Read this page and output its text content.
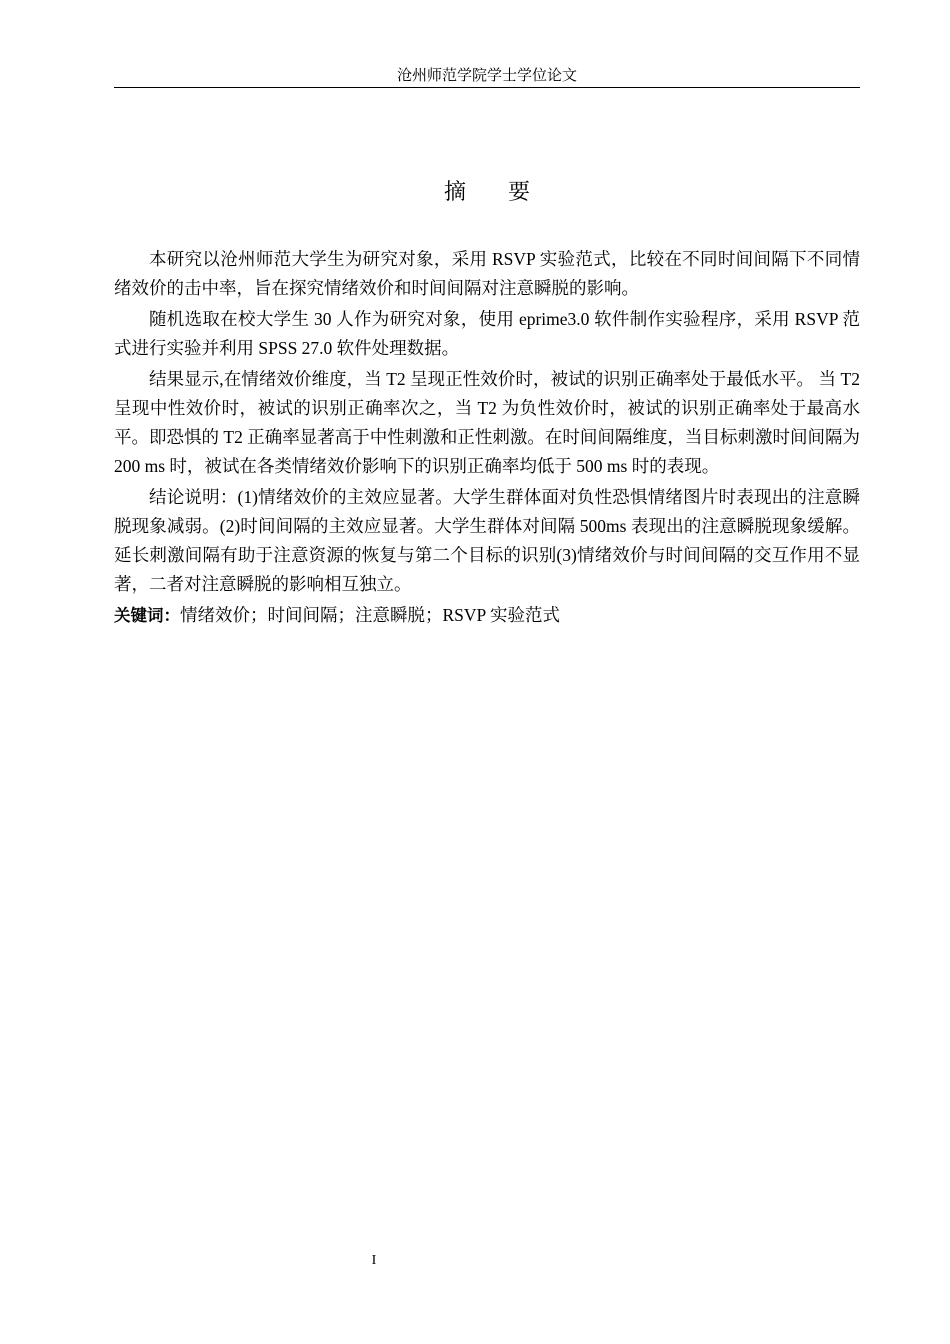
沧州师范学院学士学位论文
摘 要

本研究以沧州师范大学生为研究对象，采用 RSVP 实验范式，比较在不同时间间隔下不同情绪效价的击中率，旨在探究情绪效价和时间间隔对注意瞬脱的影响。

随机选取在校大学生 30 人作为研究对象，使用 eprime3.0 软件制作实验程序，采用 RSVP 范式进行实验并利用 SPSS 27.0 软件处理数据。

结果显示,在情绪效价维度，当 T2 呈现正性效价时，被试的识别正确率处于最低水平。 当 T2 呈现中性效价时，被试的识别正确率次之，当 T2 为负性效价时，被试的识别正确率处于最高水平。即恐惧的 T2 正确率显著高于中性刺激和正性刺激。在时间间隔维度，当目标刺激时间间隔为 200 ms 时，被试在各类情绪效价影响下的识别正确率均低于 500 ms 时的表现。

结论说明：(1)情绪效价的主效应显著。大学生群体面对负性恐惧情绪图片时表现出的注意瞬脱现象减弱。(2)时间间隔的主效应显著。大学生群体对间隔 500ms 表现出的注意瞬脱现象缓解。延长刺激间隔有助于注意资源的恢复与第二个目标的识别(3)情绪效价与时间间隔的交互作用不显著，二者对注意瞬脱的影响相互独立。

关键词：情绪效价；时间间隔；注意瞬脱；RSVP 实验范式
I
